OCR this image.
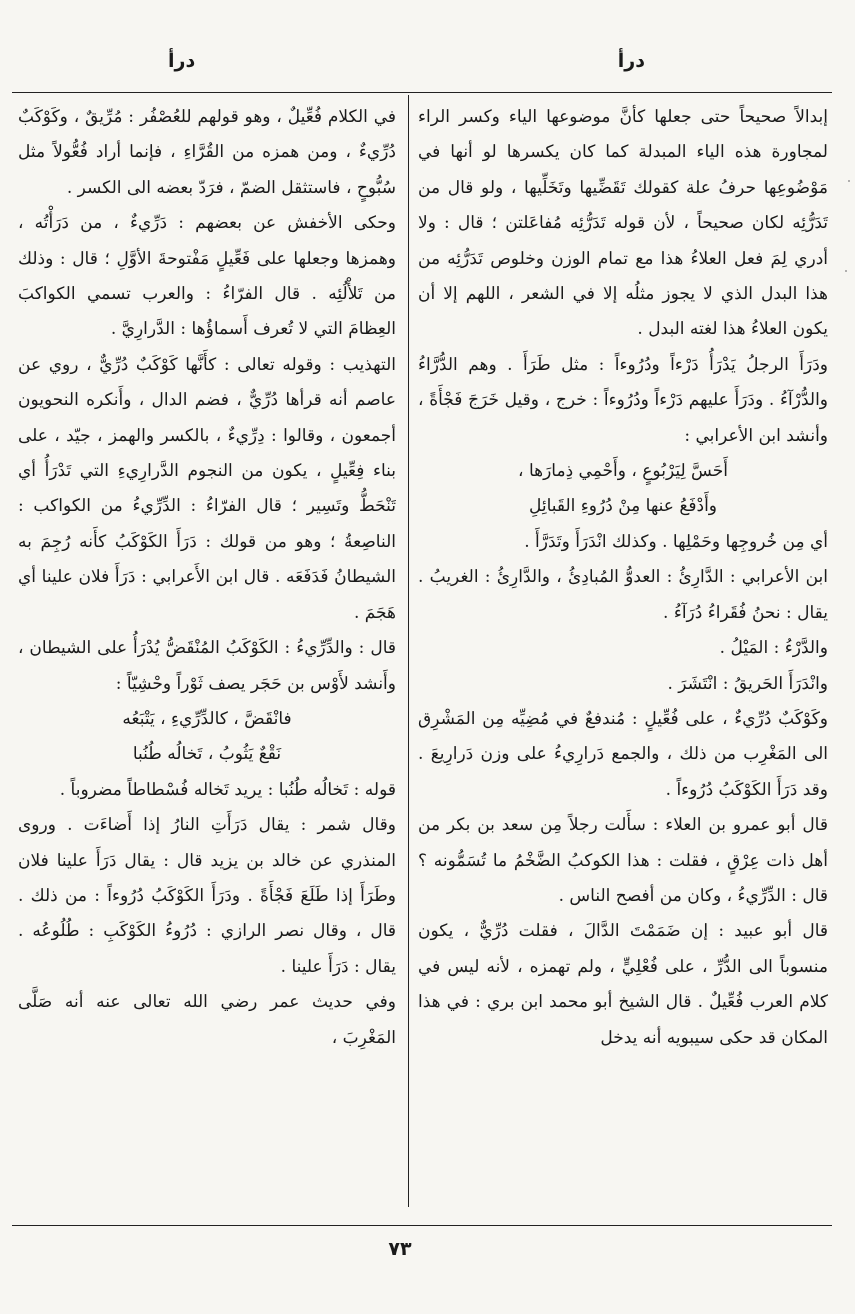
درأ
درأ

إبدالاً صحيحاً حتى جعلها كأنَّ موضوعها الياء وكسر الراء لمجاورة هذه الياء المبدلة كما كان يكسرها لو أنها في مَوْضُوعِها حرفُ علة كقولك تَقَضِّيها وتَخَلِّيها ، ولو قال من تَدَرُّئِه لكان صحيحاً ، لأن قوله تَدَرُّئِه مُفاعَلتن ؛ قال : ولا أدري لِمَ فعل العلاءُ هذا مع تمام الوزن وخلوص تَدَرُّئِه من هذا البدل الذي لا يجوز مثلُه إلا في الشعر ، اللهم إلا أن يكون العلاءُ هذا لغته البدل .

ودَرَأَ الرجلُ يَدْرَأُ دَرْءاً ودُرُوءاً : مثل طَرَأَ . وهم الدُّرَّاءُ والدُّرْآءُ . ودَرَأَ عليهم دَرْءاً ودُرُوءاً : خرج ، وقيل خَرَجَ فَجْأَةً ، وأنشد ابن الأعرابي :

أَحَسَّ لِيَرْبُوعٍ ، وأَحْمِي ذِمارَها ،

وأَدْفَعُ عنها مِنْ دُرُوءِ القَبائِلِ

أي مِن خُروجِها وحَمْلِها . وكذلك انْدَرَأَ وتَدَرَّأَ .

ابن الأعرابي : الدَّارِئُ : العدوُّ المُبادِئُ ، والدَّارِئُ : الغريبُ . يقال : نحنُ فُقَراءُ دُرَآءُ .

والدَّرْءُ : المَيْلُ .

وانْدَرَأَ الحَريقُ : انْتَشَرَ .

وكَوْكَبٌ دُرِّيءٌ ، على فُعِّيلٍ : مُندفعٌ في مُضِيِّه مِن المَشْرِق الى المَغْرِب من ذلك ، والجمع دَرارِيءُ على وزن دَرارِيعَ . وقد دَرَأَ الكَوْكَبُ دُرُوءاً .

قال أبو عمرو بن العلاء : سأَلت رجلاً مِن سعد بن بكر من أهل ذات عِرْقٍ ، فقلت : هذا الكوكبُ الضَّخْمُ ما تُسَمُّونه ؟ قال : الدِّرِّيءُ ، وكان من أفصح الناس .

قال أبو عبيد : إن ضَمَمْتَ الدَّالَ ، فقلت دُرِّيٌّ ، يكون منسوباً الى الدُّرِّ ، على فُعْلِيٍّ ، ولم تهمزه ، لأنه ليس في كلام العرب فُعِّيلٌ . قال الشيخ أبو محمد ابن بري : في هذا المكان قد حكى سيبويه أنه يدخل

في الكلام فُعِّيلٌ ، وهو قولهم للعُصْفُر : مُرِّيقٌ ، وكَوْكَبٌ دُرِّيءٌ ، ومن همزه من القُرَّاءِ ، فإنما أراد فُعُّولاً مثل سُبُّوحٍ ، فاستثقل الضمّ ، فرَدّ بعضه الى الكسر .

وحكى الأخفش عن بعضهم : دَرِّيءٌ ، من دَرَأْتُه ، وهمزها وجعلها على فَعِّيلٍ مَفْتوحةَ الأوَّلِ ؛ قال : وذلك من تَلأْلُئِه . قال الفرّاءُ : والعرب تسمي الكواكبَ العِظامَ التي لا تُعرف أَسماؤُها : الدَّرارِيَّ .

التهذيب : وقوله تعالى : كأَنَّها كَوْكَبٌ دُرِّيٌّ ، روي عن عاصم أنه قرأها دُرِّيٌّ ، فضم الدال ، وأَنكره النحويون أجمعون ، وقالوا : دِرِّيءٌ ، بالكسر والهمز ، جيّد ، على بناء فِعِّيلٍ ، يكون من النجوم الدَّرارِيءِ التي تَدْرَأُ أي تَنْحَطُّ وتَسِير ؛ قال الفرّاءُ : الدِّرِّيءُ من الكواكب : الناصِعةُ ؛ وهو من قولك : دَرَأَ الكَوْكَبُ كأَنه رُجِمَ به الشيطانُ فَدَفَعَه . قال ابن الأَعرابي : دَرَأَ فلان علينا أي هَجَمَ .

قال : والدِّرِّيءُ : الكَوْكَبُ المُنْقَضُّ يُدْرَأُ على الشيطان ، وأَنشد لأَوْس بن حَجَر يصف ثَوْراً وحْشِيّاً :

فانْقَضَّ ، كالدِّرِّيءِ ، يَتْبَعُه

نَقْعٌ يَثُوبُ ، تَخالُه طُنُبا

قوله : تَخالُه طُنُبا : يريد تَخاله فُسْطاطاً مضروباً .

وقال شمر : يقال دَرَأَتِ النارُ إذا أَضاءَت . وروى المنذري عن خالد بن يزيد قال : يقال دَرَأَ علينا فلان وطَرَأَ إذا طَلَعَ فَجْأَةً . ودَرَأَ الكَوْكَبُ دُرُوءاً : من ذلك . قال ، وقال نصر الرازي : دُرُوءُ الكَوْكَبِ : طُلُوعُه . يقال : دَرَأَ علينا .

وفي حديث عمر رضي الله تعالى عنه أنه صَلَّى المَغْرِبَ ،

٧٣
